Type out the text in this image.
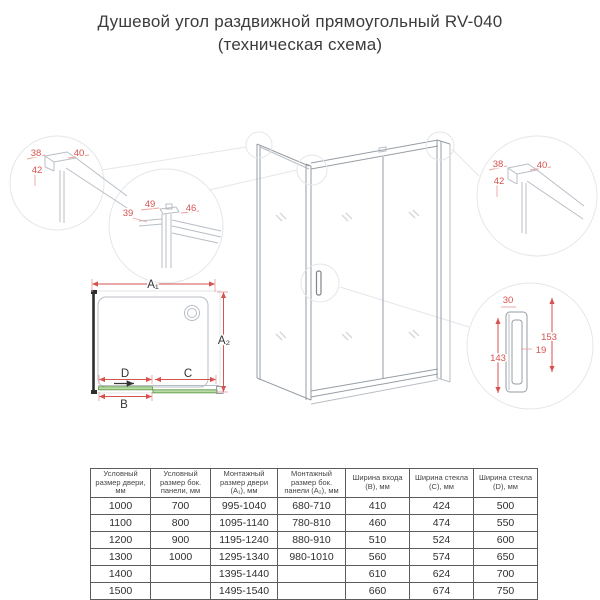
Душевой угол раздвижной прямоугольный RV-040
(техническая схема)
38	40
42
49	46
39
38	40
42
30
153
19
143
A₁
A₂
D	C
B
Условный размер двери, мм	Условный размер бок. панели, мм	Монтажный размер двери (A₁), мм	Монтажный размер бок. панели (A₂), мм	Ширина входа (B), мм	Ширина стекла (C), мм	Ширина стекла (D), мм
1000	700	995-1040	680-710	410	424	500
1100	800	1095-1140	780-810	460	474	550
1200	900	1195-1240	880-910	510	524	600
1300	1000	1295-1340	980-1010	560	574	650
1400		1395-1440		610	624	700
1500		1495-1540		660	674	750
